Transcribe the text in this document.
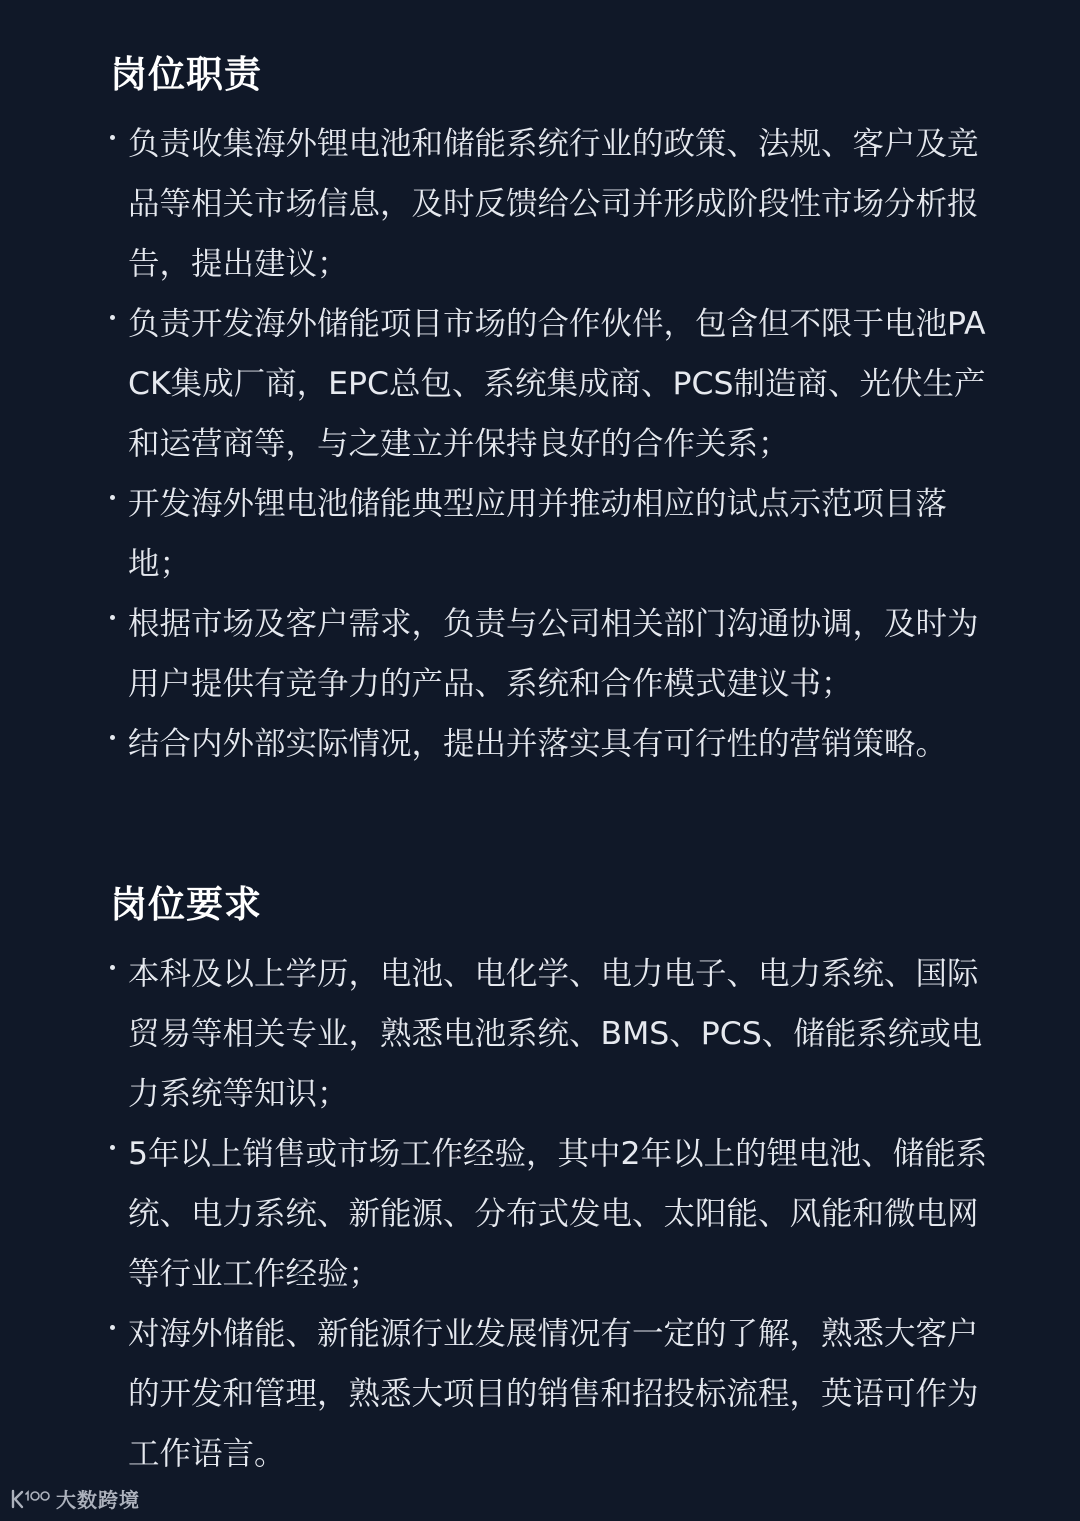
岗位职责
负责收集海外锂电池和储能系统行业的政策、法规、客户及竞品等相关市场信息，及时反馈给公司并形成阶段性市场分析报告，提出建议；
负责开发海外储能项目市场的合作伙伴，包含但不限于电池PACK集成厂商，EPC总包、系统集成商、PCS制造商、光伏生产和运营商等，与之建立并保持良好的合作关系；
开发海外锂电池储能典型应用并推动相应的试点示范项目落地；
根据市场及客户需求，负责与公司相关部门沟通协调，及时为用户提供有竞争力的产品、系统和合作模式建议书；
结合内外部实际情况，提出并落实具有可行性的营销策略。
岗位要求
本科及以上学历，电池、电化学、电力电子、电力系统、国际贸易等相关专业，熟悉电池系统、BMS、PCS、储能系统或电力系统等知识；
5年以上销售或市场工作经验，其中2年以上的锂电池、储能系统、电力系统、新能源、分布式发电、太阳能、风能和微电网等行业工作经验；
对海外储能、新能源行业发展情况有一定的了解，熟悉大客户的开发和管理，熟悉大项目的销售和招投标流程，英语可作为工作语言。
大数跨境
